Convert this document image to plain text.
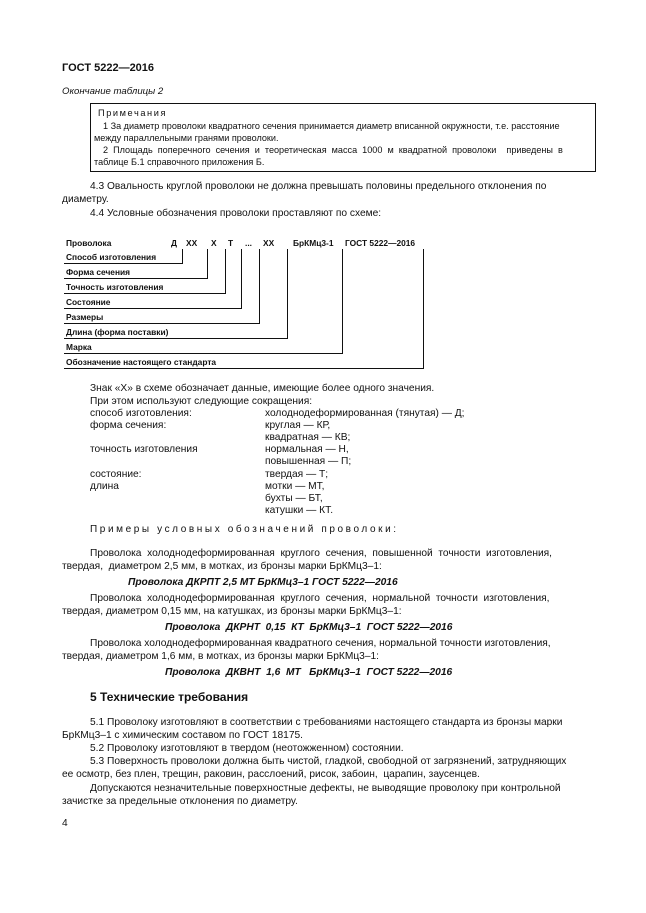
ГОСТ 5222—2016
Окончание таблицы 2
Примечания
1 За диаметр проволоки квадратного сечения принимается диаметр вписанной окружности, т.е. расстояние
между параллельными гранями проволоки.
2  Площадь  поперечного  сечения  и  теоретическая  масса  1000  м  квадратной  проволоки    приведены  в
таблице Б.1 справочного приложения Б.
4.3 Овальность круглой проволоки не должна превышать половины предельного отклонения по
диаметру.
4.4 Условные обозначения проволоки проставляют по схеме:
Проволока	Д ХХ Х Т ... ХХ БрКМц3-1 ГОСТ 5222—2016
Способ изготовления
Форма сечения
Точность изготовления
Состояние
Размеры
Длина (форма поставки)
Марка
Обозначение настоящего стандарта
Знак «Х» в схеме обозначает данные, имеющие более одного значения.
При этом используют следующие сокращения:
способ изготовления:	холоднодеформированная (тянутая) — Д;
форма сечения:	круглая — КР,
квадратная — КВ;
точность изготовления	нормальная — Н,
повышенная — П;
состояние:	твердая — Т;
длина	мотки — МТ,
бухты — БТ,
катушки — КТ.
Примеры условных обозначений проволоки:
Проволока  холоднодеформированная  круглого  сечения,  повышенной  точности  изготовления,
твердая,  диаметром 2,5 мм, в мотках, из бронзы марки БрКМц3–1:
Проволока ДКРПТ 2,5 МТ БрКМц3–1 ГОСТ 5222—2016
Проволока  холоднодеформированная  круглого  сечения,  нормальной  точности  изготовления,
твердая, диаметром 0,15 мм, на катушках, из бронзы марки БрКМц3–1:
Проволока  ДКРНТ  0,15  КТ  БрКМц3–1  ГОСТ 5222—2016
Проволока холоднодеформированная квадратного сечения, нормальной точности изготовления,
твердая, диаметром 1,6 мм, в мотках, из бронзы марки БрКМц3–1:
Проволока  ДКВНТ  1,6  МТ   БрКМц3–1  ГОСТ 5222—2016
5 Технические требования
5.1 Проволоку изготовляют в соответствии с требованиями настоящего стандарта из бронзы марки
БрКМц3–1 с химическим составом по ГОСТ 18175.
5.2 Проволоку изготовляют в твердом (неотожженном) состоянии.
5.3 Поверхность проволоки должна быть чистой, гладкой, свободной от загрязнений, затрудняющих
ее осмотр, без плен, трещин, раковин, расслоений, рисок, забоин,  царапин, заусенцев.
Допускаются незначительные поверхностные дефекты, не выводящие проволоку при контрольной
зачистке за предельные отклонения по диаметру.
4
